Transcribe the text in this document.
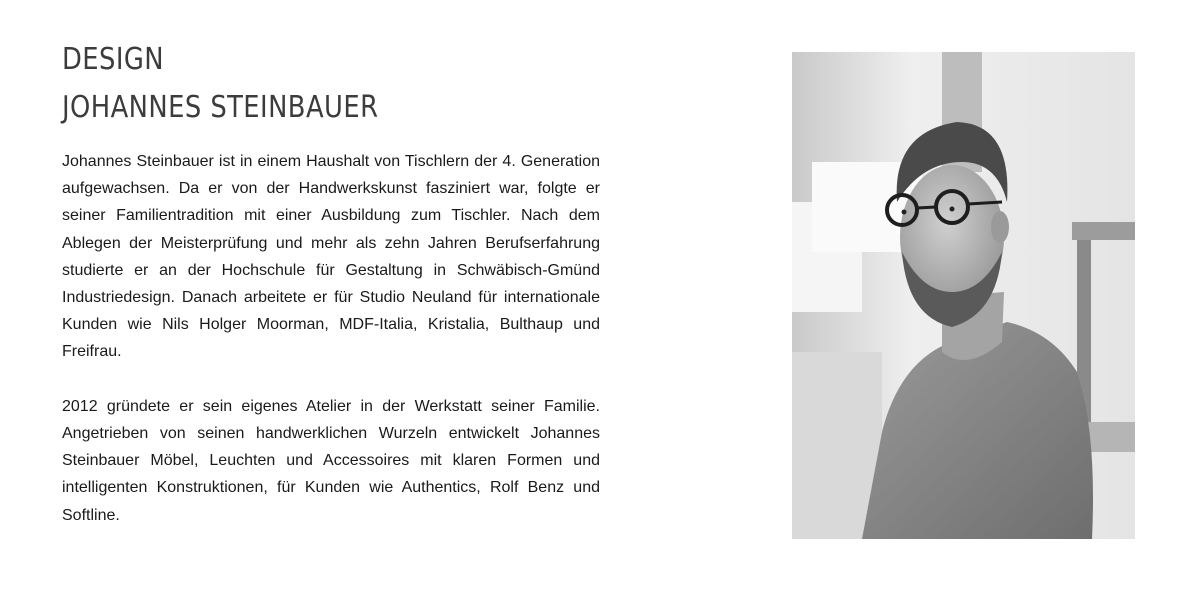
DESIGN
JOHANNES STEINBAUER

Johannes Steinbauer ist in einem Haushalt von Tischlern der 4. Generation aufgewachsen. Da er von der Handwerkskunst fasziniert war, folgte er seiner Familientradition mit einer Ausbildung zum Tischler. Nach dem Ablegen der Meisterprüfung und mehr als zehn Jahren Berufserfahrung studierte er an der Hochschule für Gestaltung in Schwäbisch-Gmünd Industriedesign. Danach arbeitete er für Studio Neuland für internationale Kunden wie Nils Holger Moorman, MDF-Italia, Kristalia, Bulthaup und Freifrau.

2012 gründete er sein eigenes Atelier in der Werkstatt seiner Familie. Angetrieben von seinen handwerklichen Wurzeln entwickelt Johannes Steinbauer Möbel, Leuchten und Accessoires mit klaren Formen und intelligenten Konstruktionen, für Kunden wie Authentics, Rolf Benz und Softline.
